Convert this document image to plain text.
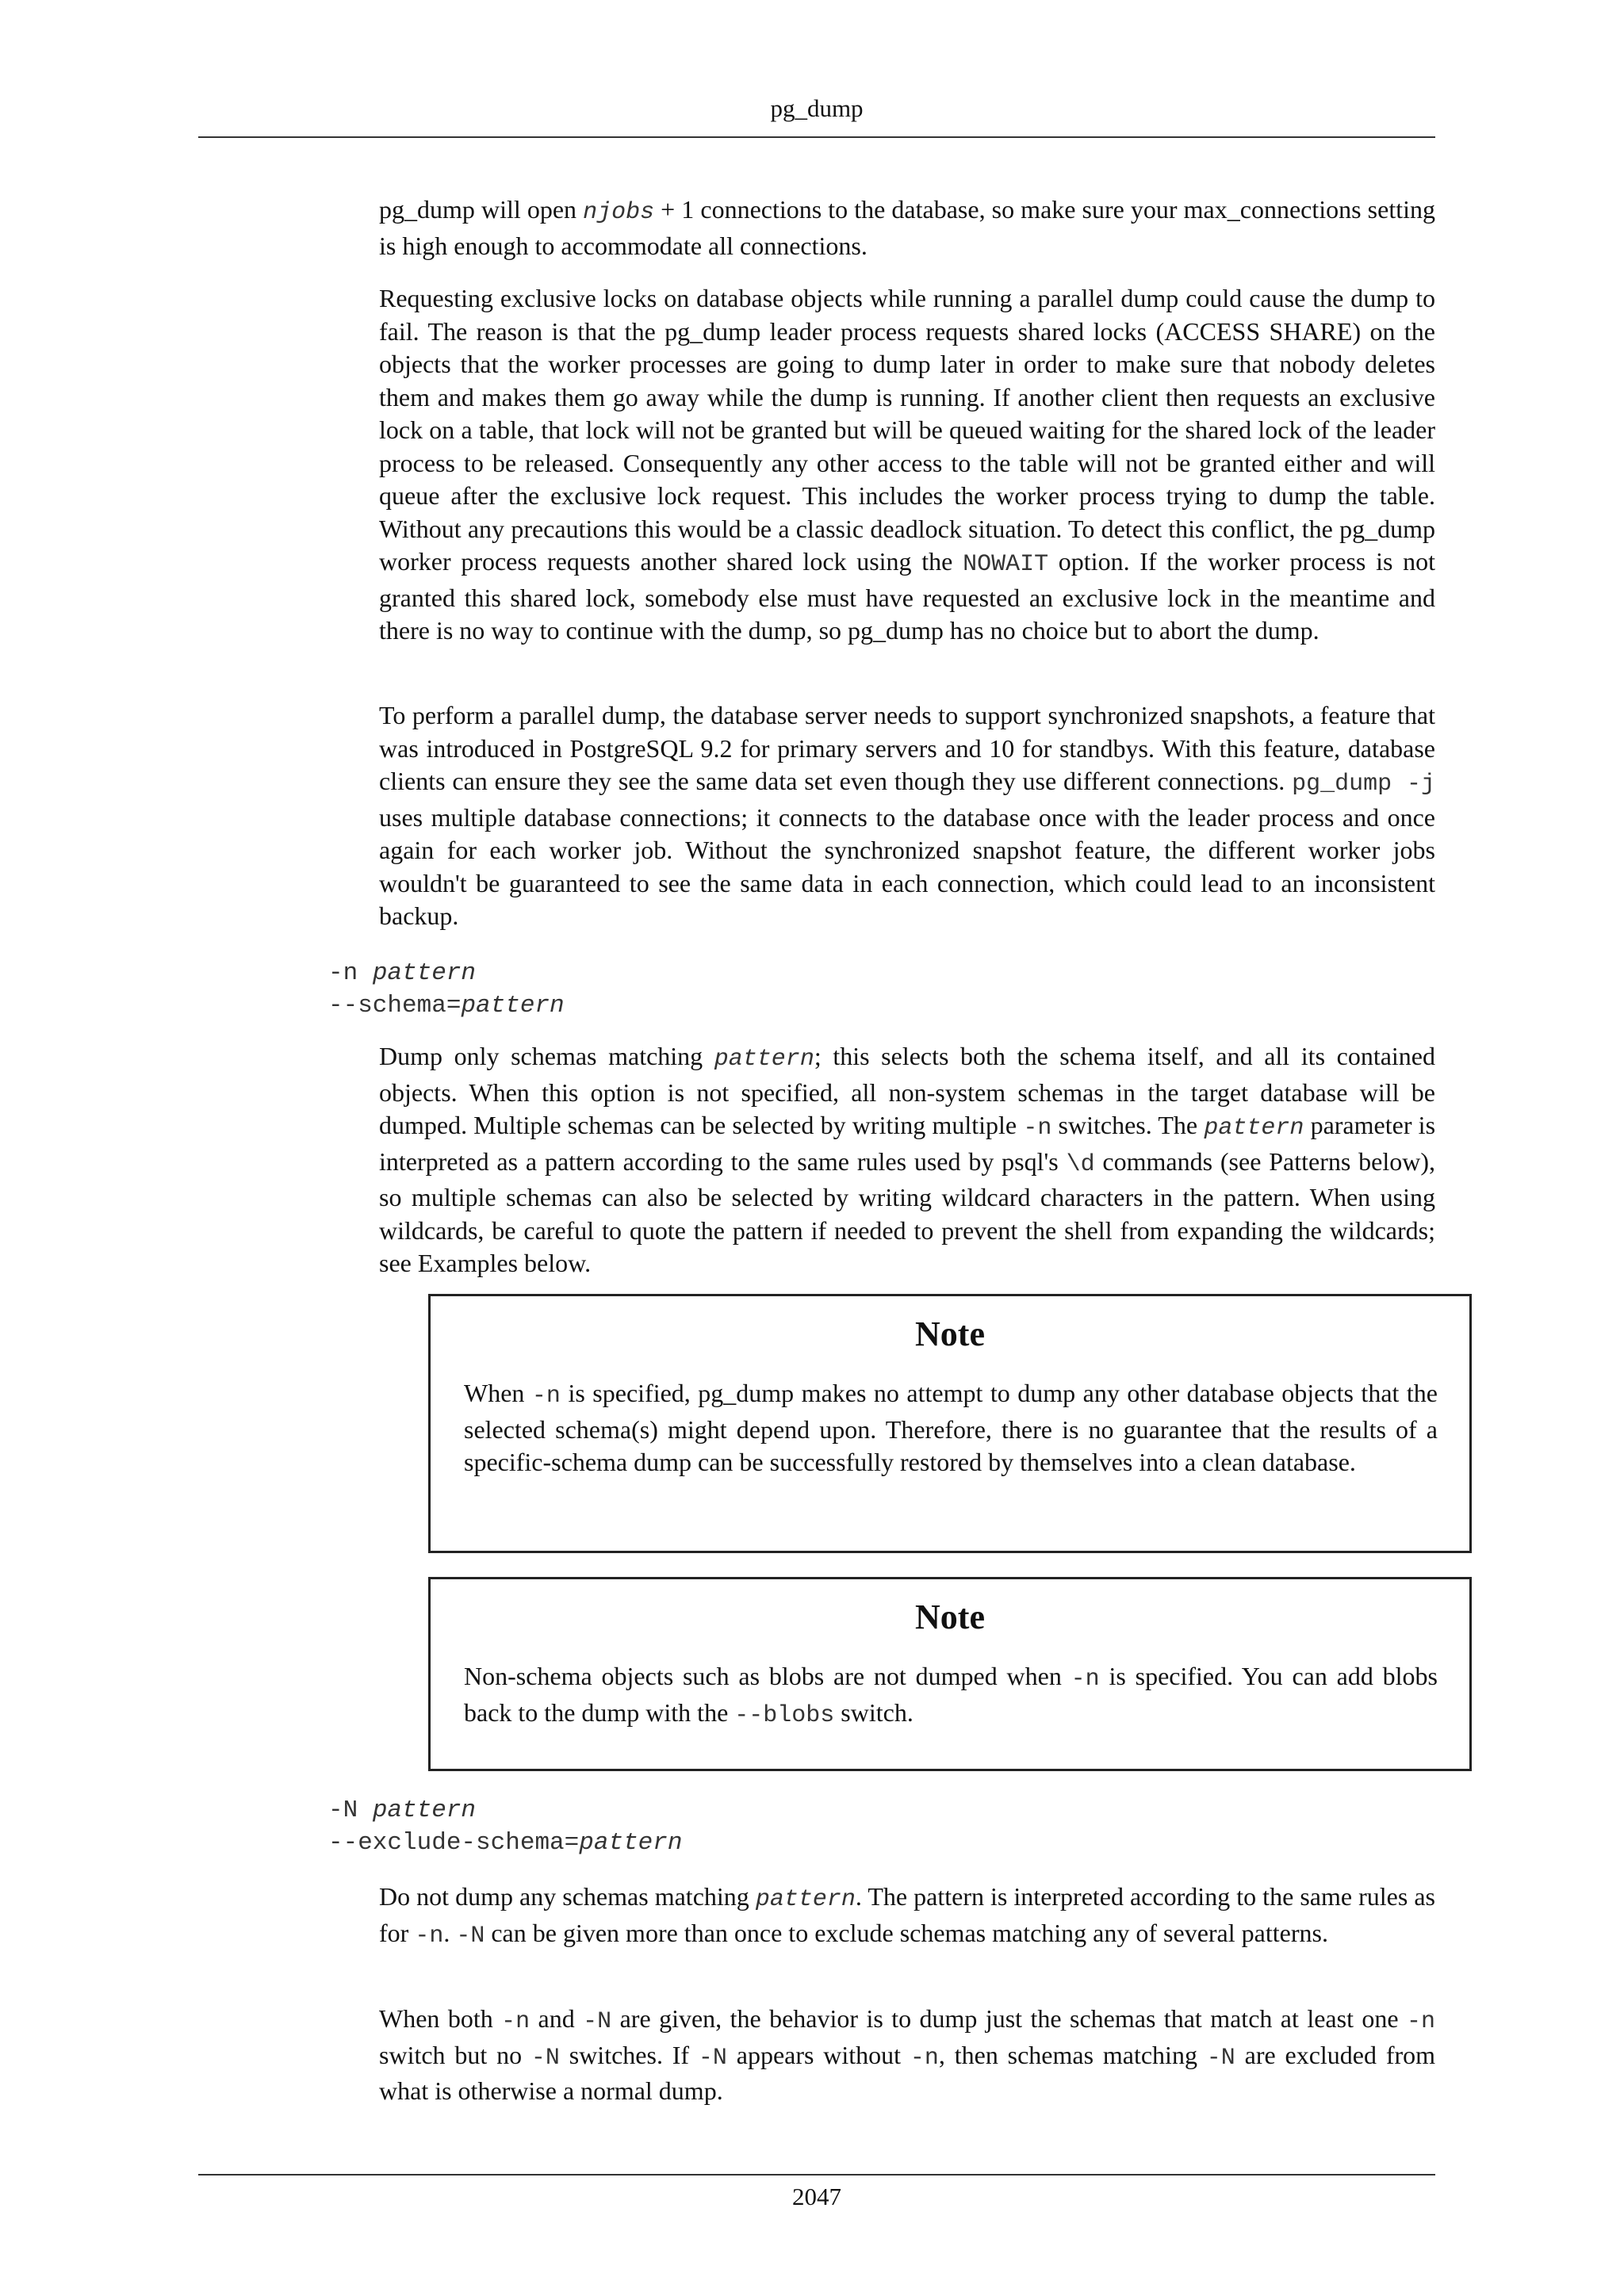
pg_dump

pg_dump will open njobs + 1 connections to the database, so make sure your max_connections setting is high enough to accommodate all connections.

Requesting exclusive locks on database objects while running a parallel dump could cause the dump to fail. The reason is that the pg_dump leader process requests shared locks (ACCESS SHARE) on the objects that the worker processes are going to dump later in order to make sure that nobody deletes them and makes them go away while the dump is running. If another client then requests an exclusive lock on a table, that lock will not be granted but will be queued waiting for the shared lock of the leader process to be released. Consequently any other access to the table will not be granted either and will queue after the exclusive lock request. This includes the worker process trying to dump the table. Without any precautions this would be a classic deadlock situation. To detect this conflict, the pg_dump worker process requests another shared lock using the NOWAIT option. If the worker process is not granted this shared lock, somebody else must have requested an exclusive lock in the meantime and there is no way to continue with the dump, so pg_dump has no choice but to abort the dump.

To perform a parallel dump, the database server needs to support synchronized snapshots, a feature that was introduced in PostgreSQL 9.2 for primary servers and 10 for standbys. With this feature, database clients can ensure they see the same data set even though they use different connections. pg_dump -j uses multiple database connections; it connects to the database once with the leader process and once again for each worker job. Without the synchronized snapshot feature, the different worker jobs wouldn't be guaranteed to see the same data in each connection, which could lead to an inconsistent backup.

-n pattern
--schema=pattern

Dump only schemas matching pattern; this selects both the schema itself, and all its contained objects. When this option is not specified, all non-system schemas in the target database will be dumped. Multiple schemas can be selected by writing multiple -n switches. The pattern parameter is interpreted as a pattern according to the same rules used by psql's \d commands (see Patterns below), so multiple schemas can also be selected by writing wildcard characters in the pattern. When using wildcards, be careful to quote the pattern if needed to prevent the shell from expanding the wildcards; see Examples below.

Note

When -n is specified, pg_dump makes no attempt to dump any other database objects that the selected schema(s) might depend upon. Therefore, there is no guarantee that the results of a specific-schema dump can be successfully restored by themselves into a clean database.

Note

Non-schema objects such as blobs are not dumped when -n is specified. You can add blobs back to the dump with the --blobs switch.

-N pattern
--exclude-schema=pattern

Do not dump any schemas matching pattern. The pattern is interpreted according to the same rules as for -n. -N can be given more than once to exclude schemas matching any of several patterns.

When both -n and -N are given, the behavior is to dump just the schemas that match at least one -n switch but no -N switches. If -N appears without -n, then schemas matching -N are excluded from what is otherwise a normal dump.

2047
